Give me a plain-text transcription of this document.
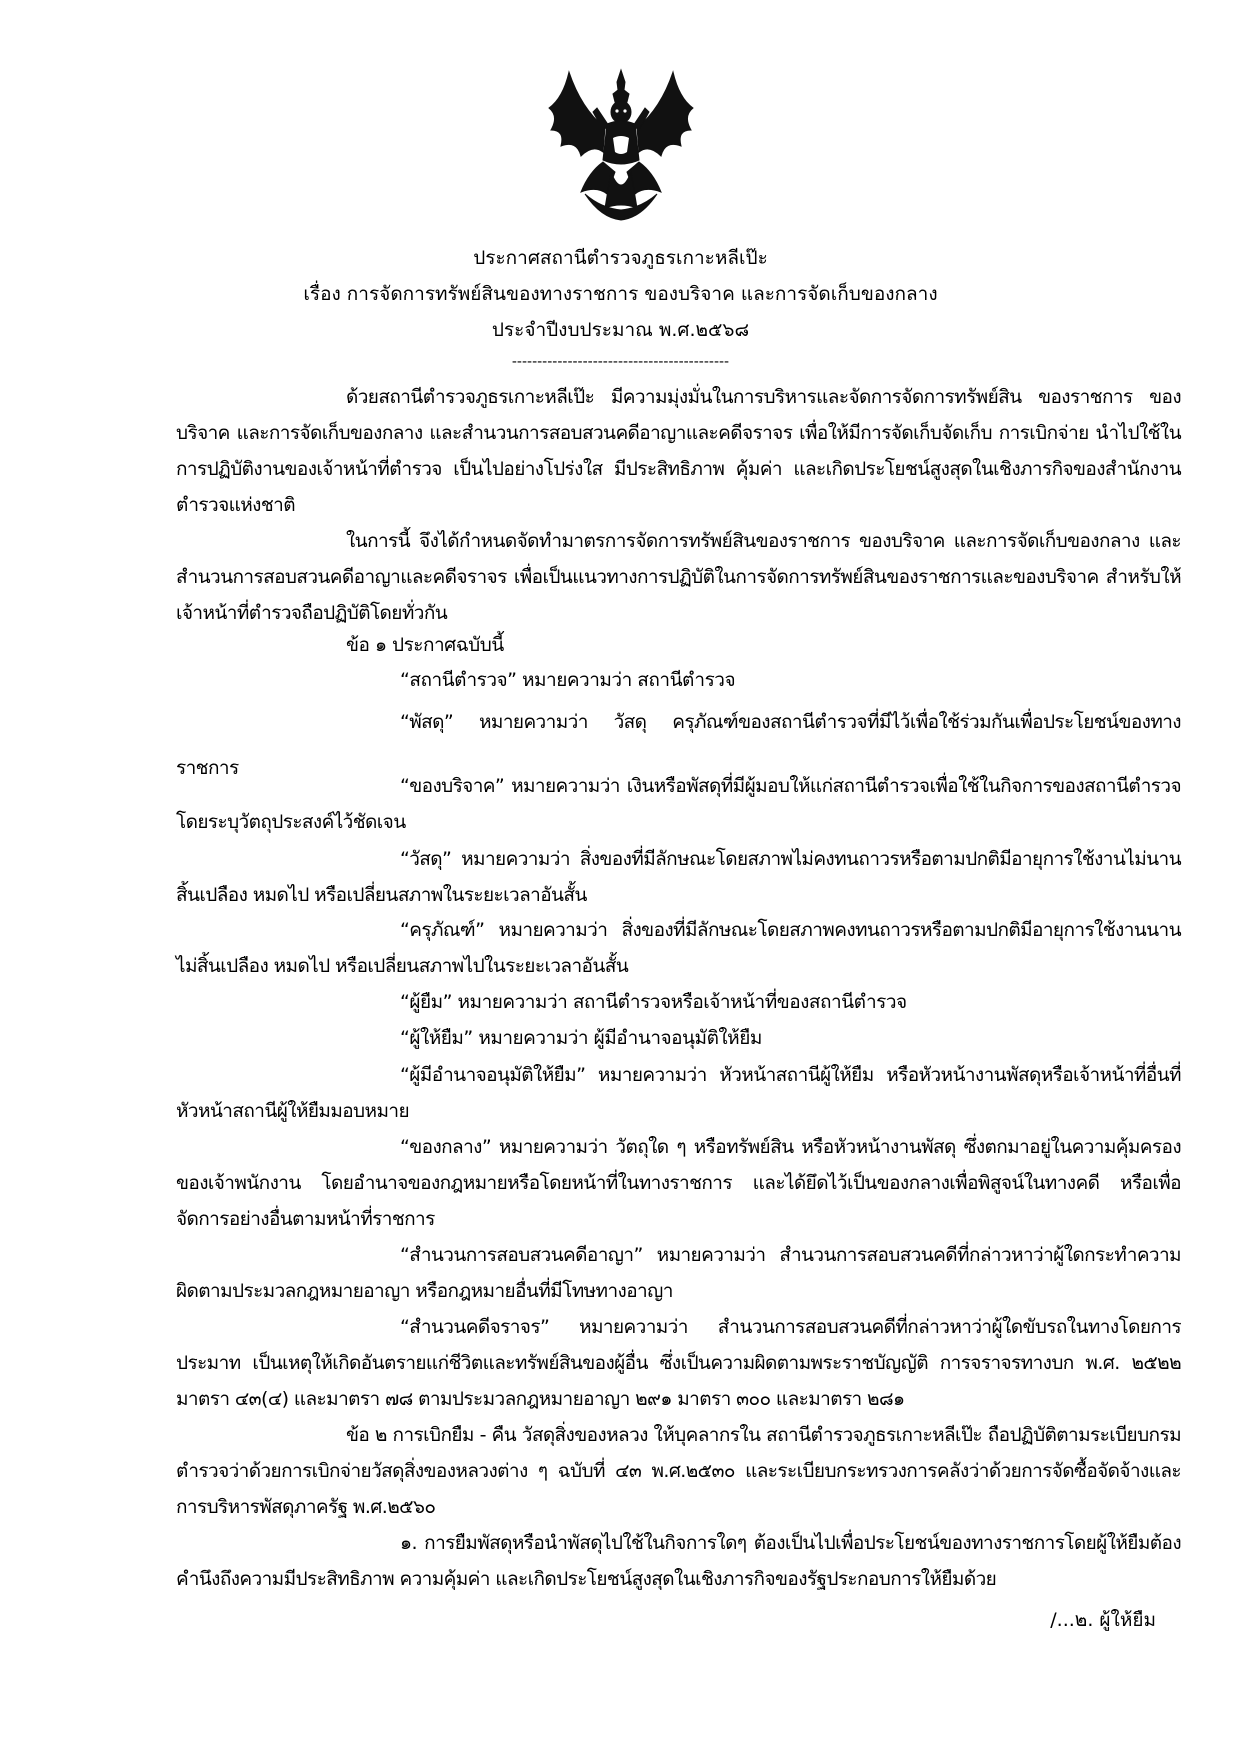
ประกาศสถานีตำรวจภูธรเกาะหลีเป๊ะ
เรื่อง การจัดการทรัพย์สินของทางราชการ ของบริจาค และการจัดเก็บของกลาง
ประจำปีงบประมาณ พ.ศ.๒๕๖๘
-------------------------------------------

ด้วยสถานีตำรวจภูธรเกาะหลีเป๊ะ มีความมุ่งมั่นในการบริหารและจัดการจัดการทรัพย์สิน ของราชการ ของบริจาค และการจัดเก็บของกลาง และสำนวนการสอบสวนคดีอาญาและคดีจราจร เพื่อให้มีการจัดเก็บจัดเก็บ การเบิกจ่าย นำไปใช้ในการปฏิบัติงานของเจ้าหน้าที่ตำรวจ เป็นไปอย่างโปร่งใส มีประสิทธิภาพ คุ้มค่า และเกิดประโยชน์สูงสุดในเชิงภารกิจของสำนักงานตำรวจแห่งชาติ

ในการนี้ จึงได้กำหนดจัดทำมาตรการจัดการทรัพย์สินของราชการ ของบริจาค และการจัดเก็บของกลาง และสำนวนการสอบสวนคดีอาญาและคดีจราจร เพื่อเป็นแนวทางการปฏิบัติในการจัดการทรัพย์สินของราชการและของบริจาค สำหรับให้เจ้าหน้าที่ตำรวจถือปฏิบัติโดยทั่วกัน

ข้อ ๑ ประกาศฉบับนี้
“สถานีตำรวจ” หมายความว่า สถานีตำรวจ

“พัสดุ” หมายความว่า วัสดุ ครุภัณฑ์ของสถานีตำรวจที่มีไว้เพื่อใช้ร่วมกันเพื่อประโยชน์ของทางราชการ

“ของบริจาค” หมายความว่า เงินหรือพัสดุที่มีผู้มอบให้แก่สถานีตำรวจเพื่อใช้ในกิจการของสถานีตำรวจโดยระบุวัตถุประสงค์ไว้ชัดเจน

“วัสดุ” หมายความว่า สิ่งของที่มีลักษณะโดยสภาพไม่คงทนถาวรหรือตามปกติมีอายุการใช้งานไม่นาน สิ้นเปลือง หมดไป หรือเปลี่ยนสภาพในระยะเวลาอันสั้น

“ครุภัณฑ์” หมายความว่า สิ่งของที่มีลักษณะโดยสภาพคงทนถาวรหรือตามปกติมีอายุการใช้งานนาน ไม่สิ้นเปลือง หมดไป หรือเปลี่ยนสภาพไปในระยะเวลาอันสั้น

“ผู้ยืม” หมายความว่า สถานีตำรวจหรือเจ้าหน้าที่ของสถานีตำรวจ
“ผู้ให้ยืม” หมายความว่า ผู้มีอำนาจอนุมัติให้ยืม

“ผู้มีอำนาจอนุมัติให้ยืม” หมายความว่า หัวหน้าสถานีผู้ให้ยืม หรือหัวหน้างานพัสดุหรือเจ้าหน้าที่อื่นที่หัวหน้าสถานีผู้ให้ยืมมอบหมาย

“ของกลาง” หมายความว่า วัตถุใด ๆ หรือทรัพย์สิน หรือหัวหน้างานพัสดุ ซึ่งตกมาอยู่ในความคุ้มครองของเจ้าพนักงาน โดยอำนาจของกฎหมายหรือโดยหน้าที่ในทางราชการ และได้ยึดไว้เป็นของกลางเพื่อพิสูจน์ในทางคดี หรือเพื่อจัดการอย่างอื่นตามหน้าที่ราชการ

“สำนวนการสอบสวนคดีอาญา” หมายความว่า สำนวนการสอบสวนคดีที่กล่าวหาว่าผู้ใดกระทำความผิดตามประมวลกฎหมายอาญา หรือกฎหมายอื่นที่มีโทษทางอาญา

“สำนวนคดีจราจร” หมายความว่า สำนวนการสอบสวนคดีที่กล่าวหาว่าผู้ใดขับรถในทางโดยการประมาท เป็นเหตุให้เกิดอันตรายแก่ชีวิตและทรัพย์สินของผู้อื่น ซึ่งเป็นความผิดตามพระราชบัญญัติ การจราจรทางบก พ.ศ. ๒๕๒๒ มาตรา ๔๓(๔) และมาตรา ๗๘ ตามประมวลกฎหมายอาญา ๒๙๑ มาตรา ๓๐๐ และมาตรา ๒๘๑

ข้อ ๒ การเบิกยืม - คืน วัสดุสิ่งของหลวง ให้บุคลากรใน สถานีตำรวจภูธรเกาะหลีเป๊ะ ถือปฏิบัติตามระเบียบกรมตำรวจว่าด้วยการเบิกจ่ายวัสดุสิ่งของหลวงต่าง ๆ ฉบับที่ ๔๓ พ.ศ.๒๕๓๐ และระเบียบกระทรวงการคลังว่าด้วยการจัดซื้อจัดจ้างและการบริหารพัสดุภาครัฐ พ.ศ.๒๕๖๐

๑. การยืมพัสดุหรือนำพัสดุไปใช้ในกิจการใดๆ ต้องเป็นไปเพื่อประโยชน์ของทางราชการโดยผู้ให้ยืมต้องคำนึงถึงความมีประสิทธิภาพ ความคุ้มค่า และเกิดประโยชน์สูงสุดในเชิงภารกิจของรัฐประกอบการให้ยืมด้วย

/...๒. ผู้ให้ยืม
